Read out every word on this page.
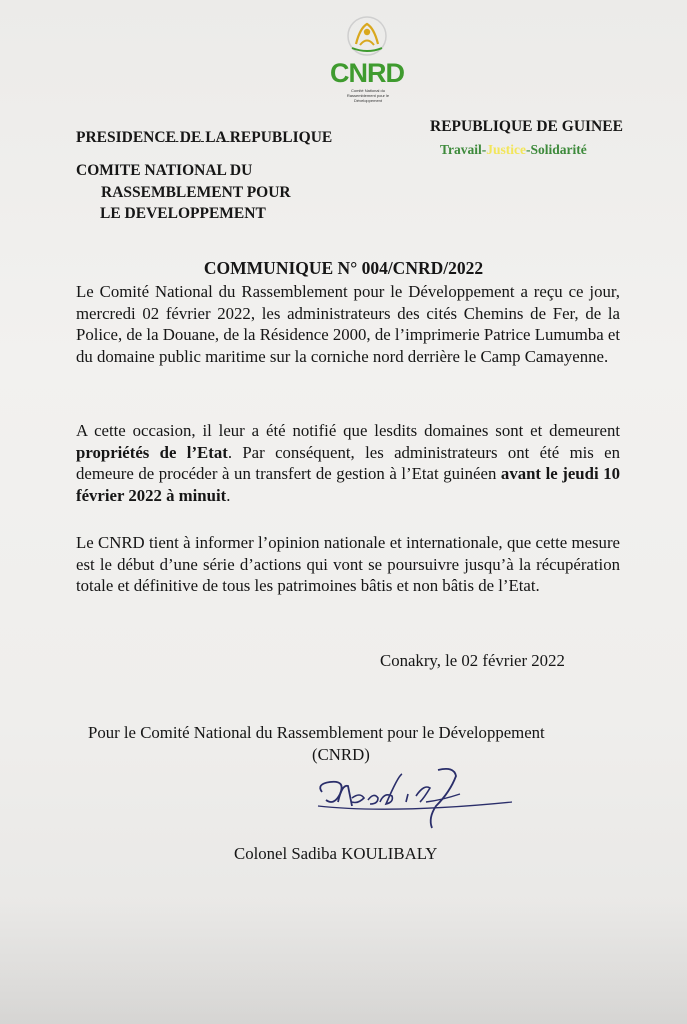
CNRD
Comité National du Rassemblement pour le Développement
PRESIDENCE DE LA REPUBLIQUE
COMITE NATIONAL DU
RASSEMBLEMENT POUR
LE DEVELOPPEMENT
REPUBLIQUE DE GUINEE
Travail-Justice-Solidarité
COMMUNIQUE N° 004/CNRD/2022
Le Comité National du Rassemblement pour le Développement a reçu ce jour, mercredi 02 février 2022, les administrateurs des cités Chemins de Fer, de la Police, de la Douane, de la Résidence 2000, de l’imprimerie Patrice Lumumba et du domaine public maritime sur la corniche nord derrière le Camp Camayenne.
A cette occasion, il leur a été notifié que lesdits domaines sont et demeurent propriétés de l’Etat. Par conséquent, les administrateurs ont été mis en demeure de procéder à un transfert de gestion à l’Etat guinéen avant le jeudi 10 février 2022 à minuit.
Le CNRD tient à informer l’opinion nationale et internationale, que cette mesure est le début d’une série d’actions qui vont se poursuivre jusqu’à la récupération totale et définitive de tous les patrimoines bâtis et non bâtis de l’Etat.
Conakry, le 02 février 2022
Pour le Comité National du Rassemblement pour le Développement
(CNRD)
Colonel Sadiba KOULIBALY
